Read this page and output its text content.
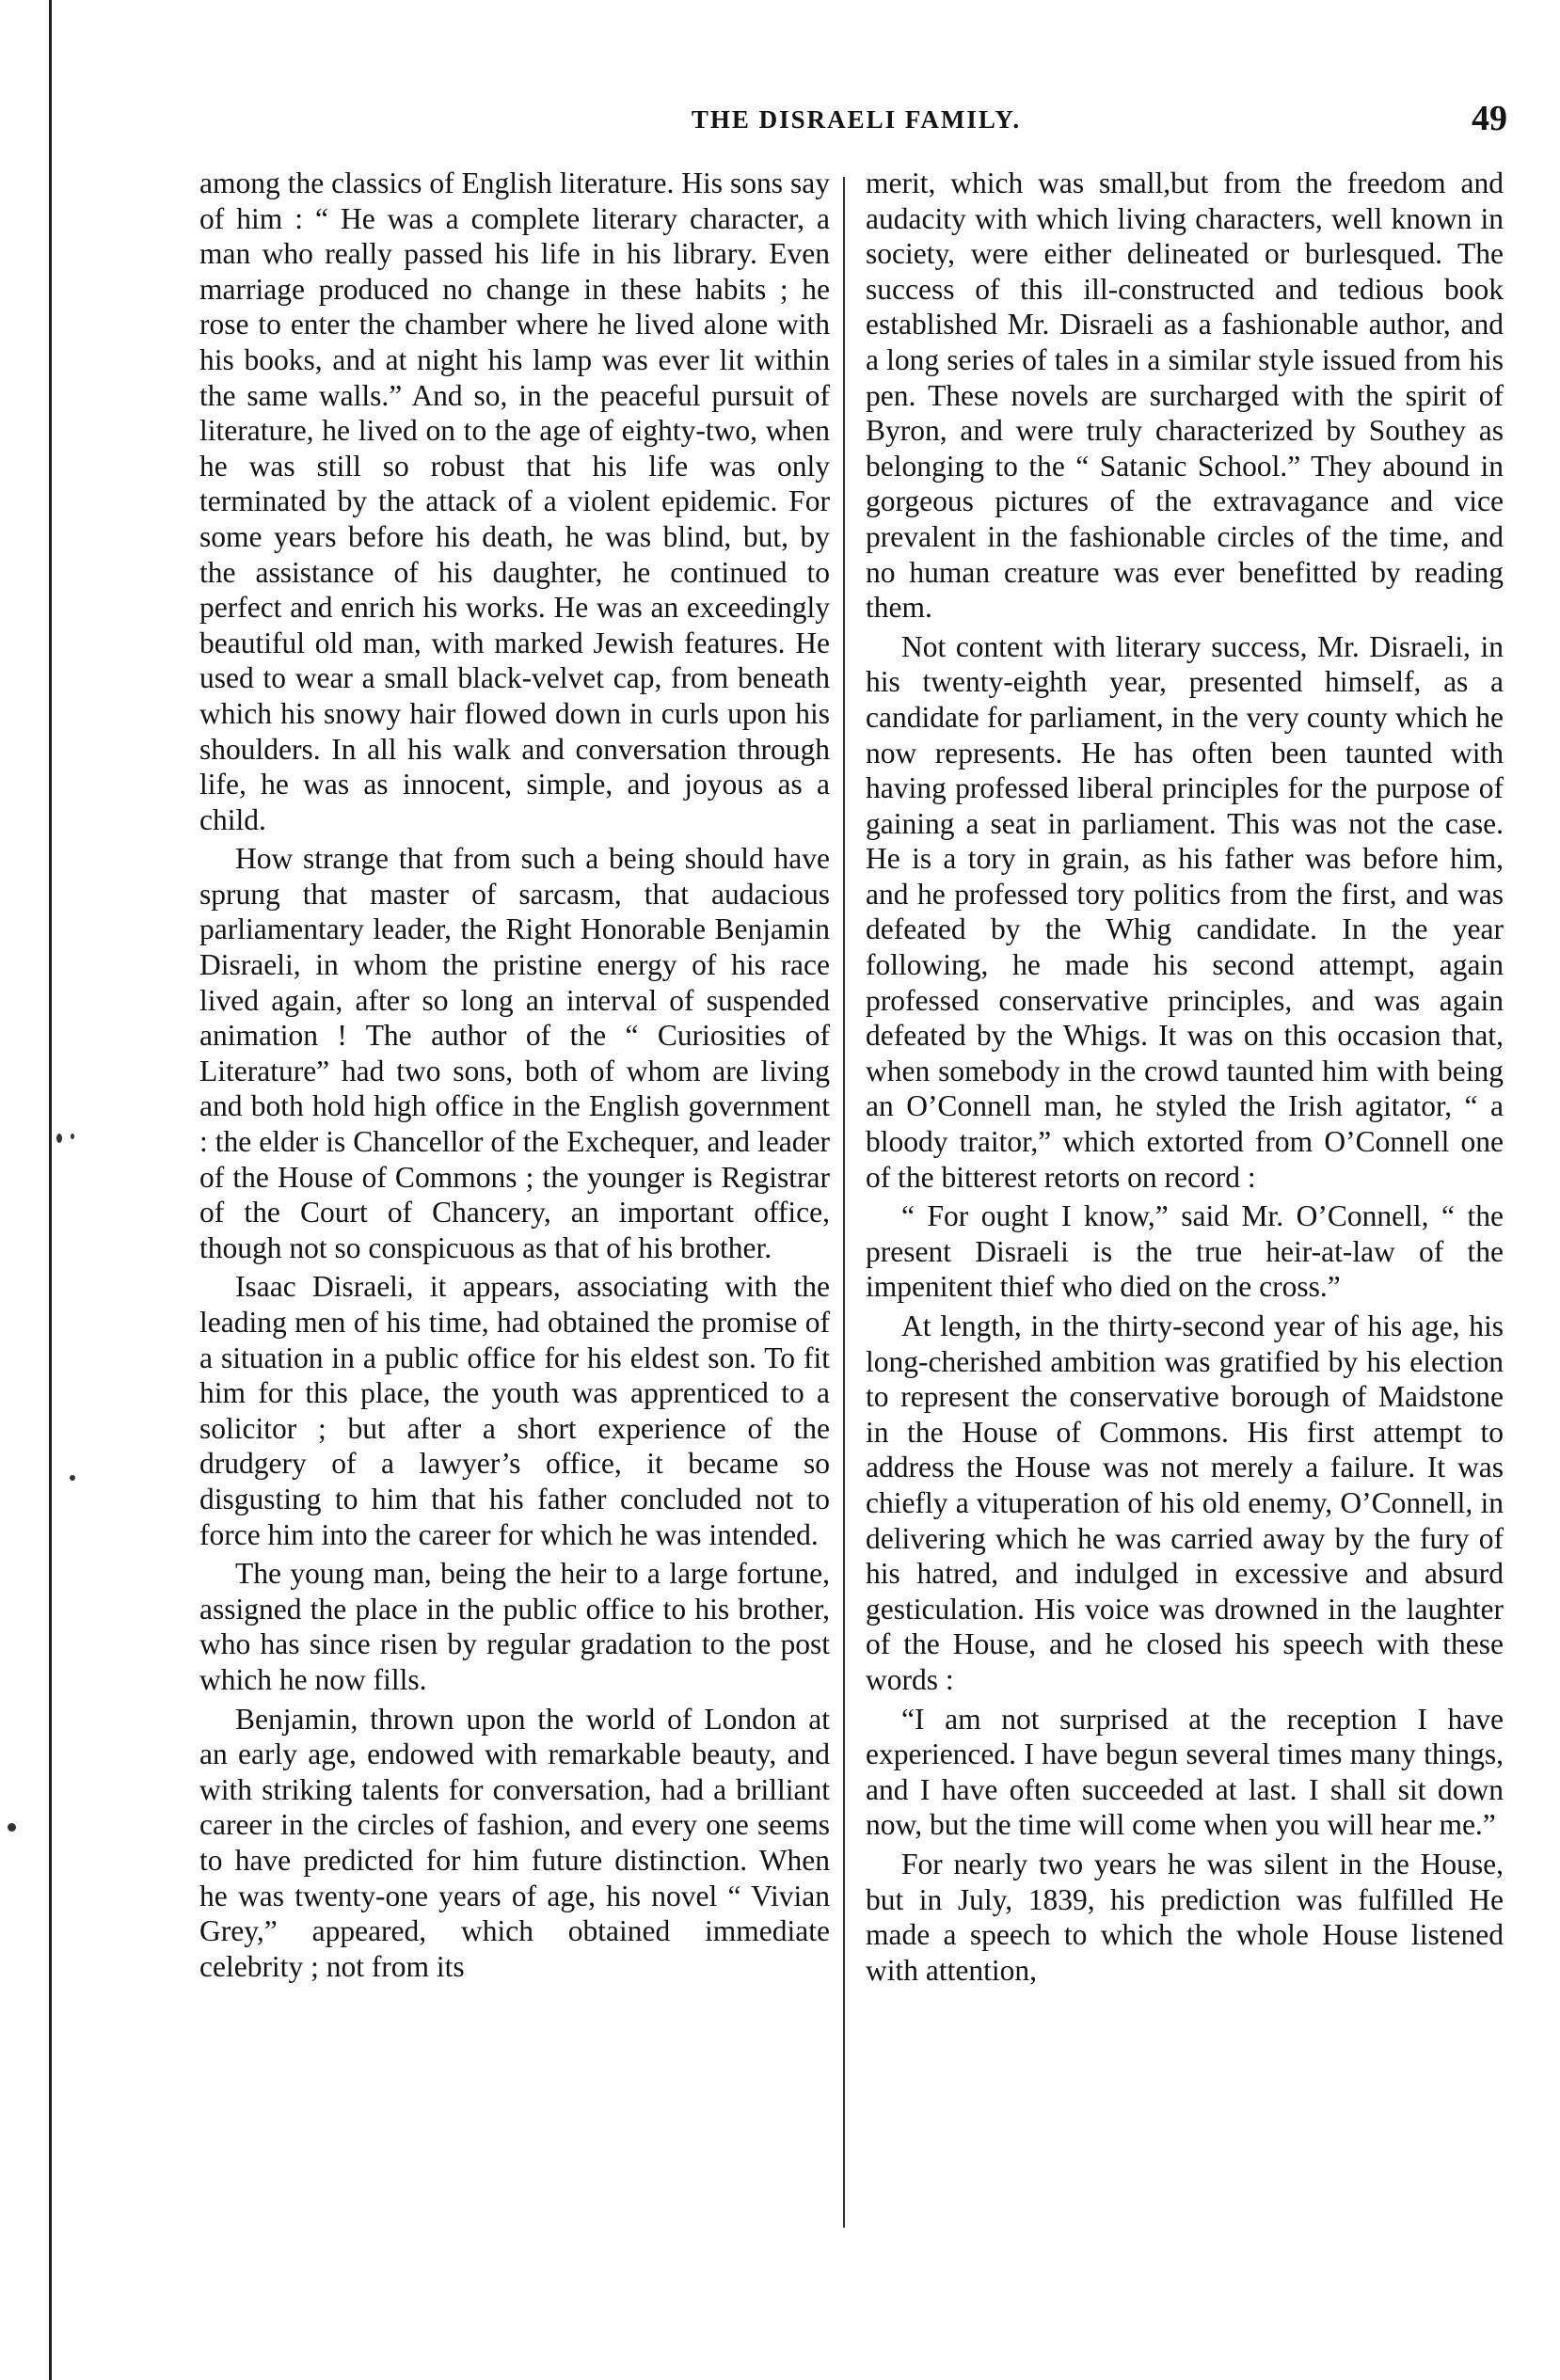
THE DISRAELI FAMILY.	49

among the classics of English literature. His sons say of him : “ He was a complete literary character, a man who really passed his life in his library. Even marriage produced no change in these habits ; he rose to enter the chamber where he lived alone with his books, and at night his lamp was ever lit within the same walls.” And so, in the peaceful pursuit of literature, he lived on to the age of eighty-two, when he was still so robust that his life was only terminated by the attack of a violent epidemic. For some years before his death, he was blind, but, by the assistance of his daughter, he continued to perfect and enrich his works. He was an exceedingly beautiful old man, with marked Jewish features. He used to wear a small black-velvet cap, from beneath which his snowy hair flowed down in curls upon his shoulders. In all his walk and conversation through life, he was as innocent, simple, and joyous as a child.

How strange that from such a being should have sprung that master of sarcasm, that audacious parliamentary leader, the Right Honorable Benjamin Disraeli, in whom the pristine energy of his race lived again, after so long an interval of suspended animation ! The author of the “ Curiosities of Literature” had two sons, both of whom are living and both hold high office in the English government : the elder is Chancellor of the Exchequer, and leader of the House of Commons ; the younger is Registrar of the Court of Chancery, an important office, though not so conspicuous as that of his brother.

Isaac Disraeli, it appears, associating with the leading men of his time, had obtained the promise of a situation in a public office for his eldest son. To fit him for this place, the youth was apprenticed to a solicitor ; but after a short experience of the drudgery of a lawyer’s office, it became so disgusting to him that his father concluded not to force him into the career for which he was intended.

The young man, being the heir to a large fortune, assigned the place in the public office to his brother, who has since risen by regular gradation to the post which he now fills.

Benjamin, thrown upon the world of London at an early age, endowed with remarkable beauty, and with striking talents for conversation, had a brilliant career in the circles of fashion, and every one seems to have predicted for him future distinction. When he was twenty-one years of age, his novel “ Vivian Grey,” appeared, which obtained immediate celebrity ; not from its

merit, which was small,but from the freedom and audacity with which living characters, well known in society, were either delineated or burlesqued. The success of this ill-constructed and tedious book established Mr. Disraeli as a fashionable author, and a long series of tales in a similar style issued from his pen. These novels are surcharged with the spirit of Byron, and were truly characterized by Southey as belonging to the “ Satanic School.” They abound in gorgeous pictures of the extravagance and vice prevalent in the fashionable circles of the time, and no human creature was ever benefitted by reading them.

Not content with literary success, Mr. Disraeli, in his twenty-eighth year, presented himself, as a candidate for parliament, in the very county which he now represents. He has often been taunted with having professed liberal principles for the purpose of gaining a seat in parliament. This was not the case. He is a tory in grain, as his father was before him, and he professed tory politics from the first, and was defeated by the Whig candidate. In the year following, he made his second attempt, again professed conservative principles, and was again defeated by the Whigs. It was on this occasion that, when somebody in the crowd taunted him with being an O’Connell man, he styled the Irish agitator, “ a bloody traitor,” which extorted from O’Connell one of the bitterest retorts on record :

“ For ought I know,” said Mr. O’Connell, “ the present Disraeli is the true heir-at-law of the impenitent thief who died on the cross.”

At length, in the thirty-second year of his age, his long-cherished ambition was gratified by his election to represent the conservative borough of Maidstone in the House of Commons. His first attempt to address the House was not merely a failure. It was chiefly a vituperation of his old enemy, O’Connell, in delivering which he was carried away by the fury of his hatred, and indulged in excessive and absurd gesticulation. His voice was drowned in the laughter of the House, and he closed his speech with these words :

“I am not surprised at the reception I have experienced. I have begun several times many things, and I have often succeeded at last. I shall sit down now, but the time will come when you will hear me.”

For nearly two years he was silent in the House, but in July, 1839, his prediction was fulfilled He made a speech to which the whole House listened with attention,
